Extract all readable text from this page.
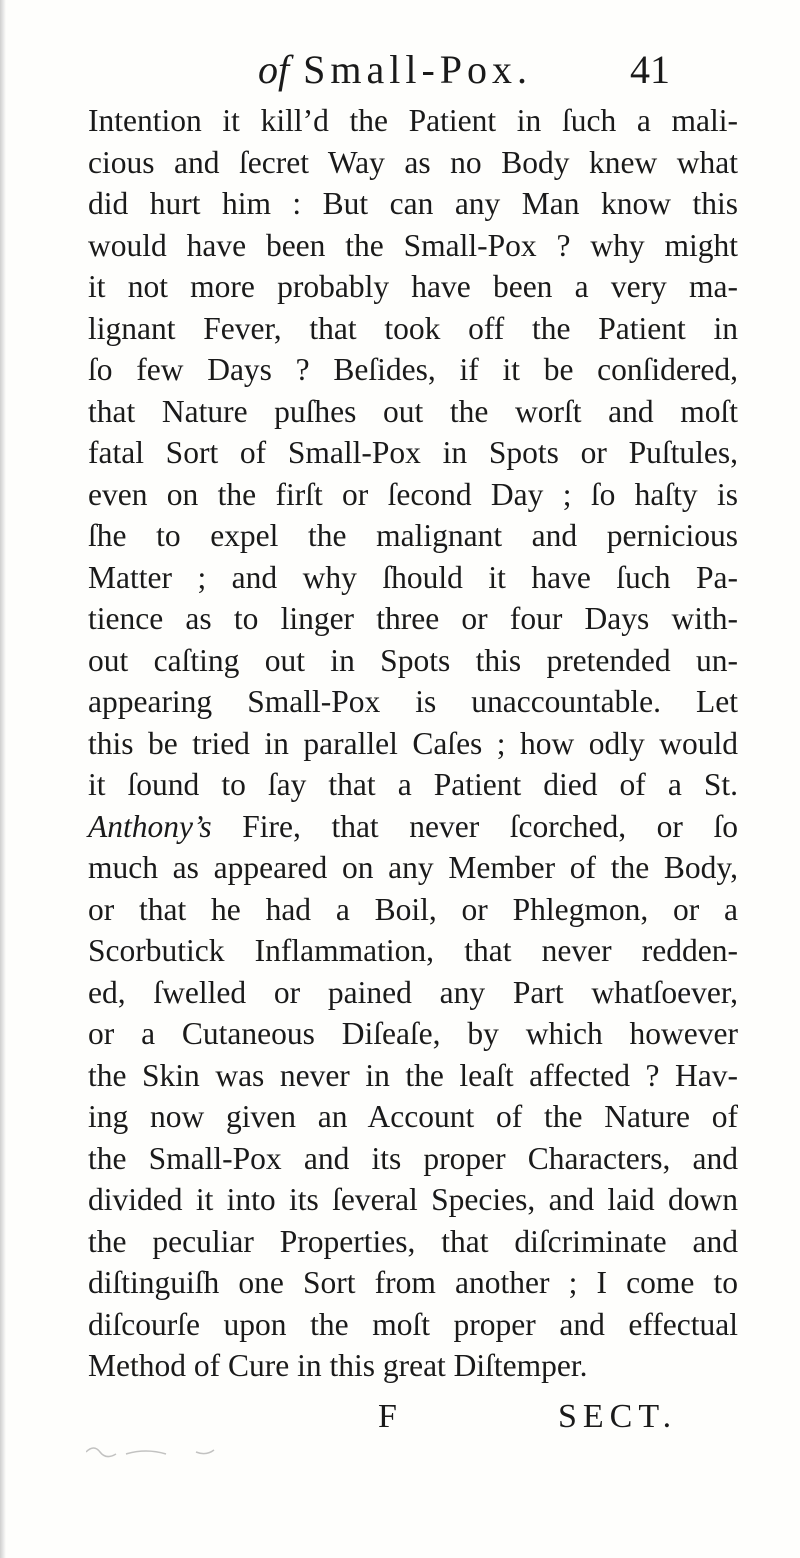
of Small-Pox. 41
Intention it kill’d the Patient in ſuch a mali-
cious and ſecret Way as no Body knew what
did hurt him : But can any Man know this
would have been the Small-Pox ? why might
it not more probably have been a very ma-
lignant Fever, that took off the Patient in
ſo few Days ? Beſides, if it be conſidered,
that Nature puſhes out the worſt and moſt
fatal Sort of Small-Pox in Spots or Puſtules,
even on the firſt or ſecond Day ; ſo haſty is
ſhe to expel the malignant and pernicious
Matter ; and why ſhould it have ſuch Pa-
tience as to linger three or four Days with-
out caſting out in Spots this pretended un-
appearing Small-Pox is unaccountable. Let
this be tried in parallel Caſes ; how odly would
it ſound to ſay that a Patient died of a St.
Anthony’s Fire, that never ſcorched, or ſo
much as appeared on any Member of the Body,
or that he had a Boil, or Phlegmon, or a
Scorbutick Inflammation, that never redden-
ed, ſwelled or pained any Part whatſoever,
or a Cutaneous Diſeaſe, by which however
the Skin was never in the leaſt affected ? Hav-
ing now given an Account of the Nature of
the Small-Pox and its proper Characters, and
divided it into its ſeveral Species, and laid down
the peculiar Properties, that diſcriminate and
diſtinguiſh one Sort from another ; I come to
diſcourſe upon the moſt proper and effectual
Method of Cure in this great Diſtemper.
F	SECT.
